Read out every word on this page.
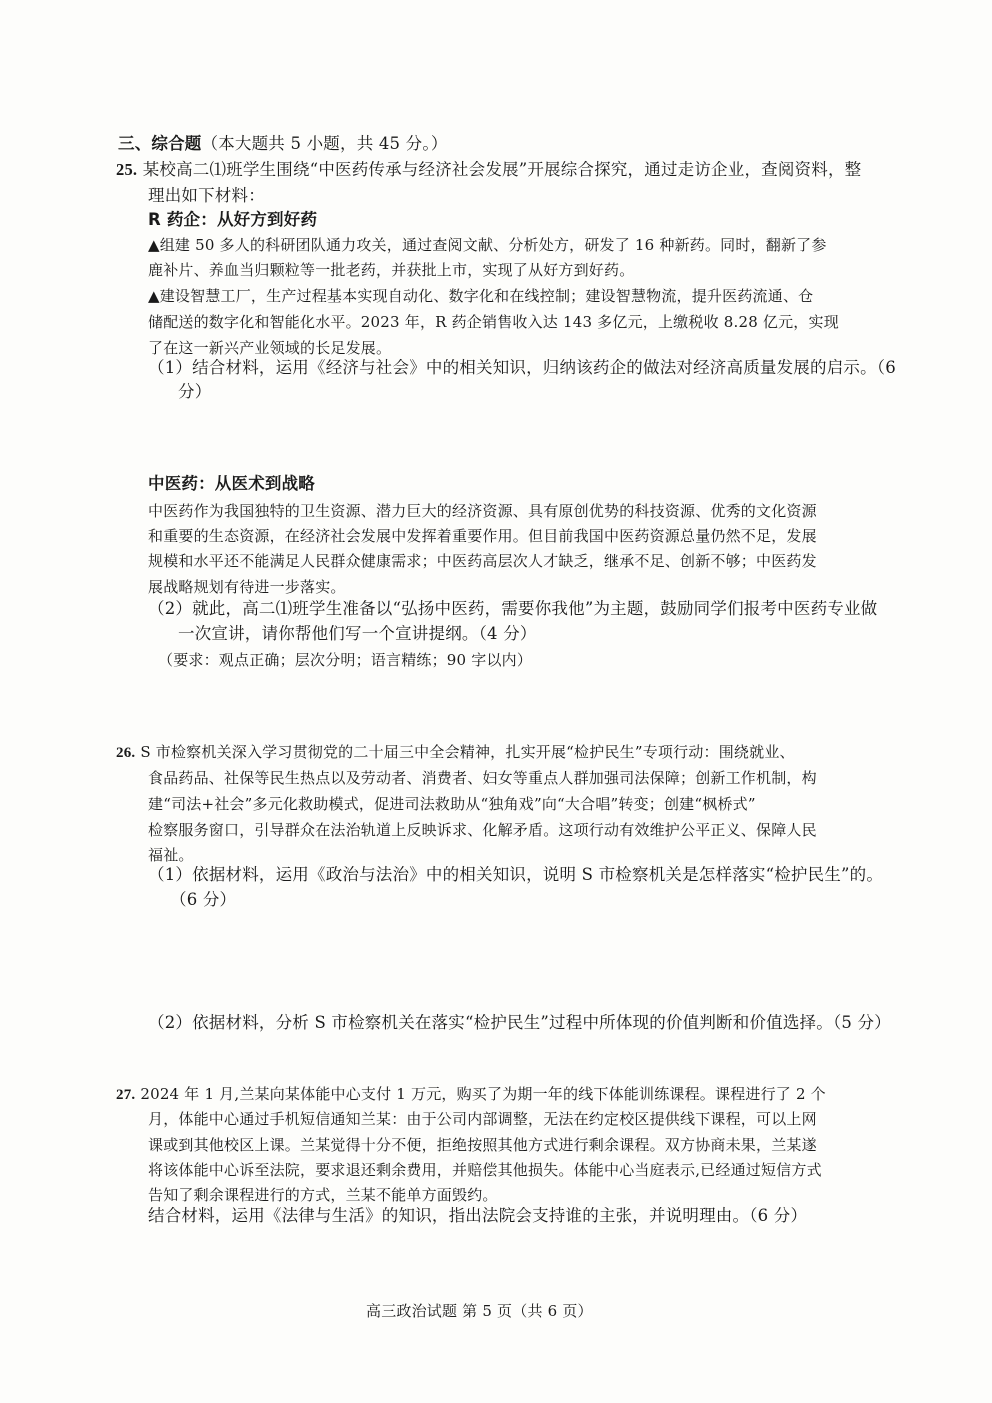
三、综合题（本大题共 5 小题，共 45 分。）
25. 某校高二⑴班学生围绕“中医药传承与经济社会发展”开展综合探究，通过走访企业，查阅资料，整
理出如下材料：
R 药企：从好方到好药
▲组建 50 多人的科研团队通力攻关，通过查阅文献、分析处方，研发了 16 种新药。同时，翻新了参
鹿补片、养血当归颗粒等一批老药，并获批上市，实现了从好方到好药。
▲建设智慧工厂，生产过程基本实现自动化、数字化和在线控制；建设智慧物流，提升医药流通、仓
储配送的数字化和智能化水平。2023 年，R 药企销售收入达 143 多亿元，上缴税收 8.28 亿元，实现
了在这一新兴产业领域的长足发展。
（1）结合材料，运用《经济与社会》中的相关知识，归纳该药企的做法对经济高质量发展的启示。（6
分）
中医药：从医术到战略
中医药作为我国独特的卫生资源、潜力巨大的经济资源、具有原创优势的科技资源、优秀的文化资源
和重要的生态资源，在经济社会发展中发挥着重要作用。但目前我国中医药资源总量仍然不足，发展
规模和水平还不能满足人民群众健康需求；中医药高层次人才缺乏，继承不足、创新不够；中医药发
展战略规划有待进一步落实。
（2）就此，高二⑴班学生准备以“弘扬中医药，需要你我他”为主题，鼓励同学们报考中医药专业做
一次宣讲，请你帮他们写一个宣讲提纲。（4 分）
（要求：观点正确；层次分明；语言精练；90 字以内）
26. S 市检察机关深入学习贯彻党的二十届三中全会精神，扎实开展“检护民生”专项行动：围绕就业、
食品药品、社保等民生热点以及劳动者、消费者、妇女等重点人群加强司法保障；创新工作机制，构
建“司法+社会”多元化救助模式，促进司法救助从“独角戏”向“大合唱”转变；创建“枫桥式”
检察服务窗口，引导群众在法治轨道上反映诉求、化解矛盾。这项行动有效维护公平正义、保障人民
福祉。
（1）依据材料，运用《政治与法治》中的相关知识，说明 S 市检察机关是怎样落实“检护民生”的。
（6 分）
（2）依据材料，分析 S 市检察机关在落实“检护民生”过程中所体现的价值判断和价值选择。（5 分）
27. 2024 年 1 月,兰某向某体能中心支付 1 万元，购买了为期一年的线下体能训练课程。课程进行了 2 个
月，体能中心通过手机短信通知兰某：由于公司内部调整，无法在约定校区提供线下课程，可以上网
课或到其他校区上课。兰某觉得十分不便，拒绝按照其他方式进行剩余课程。双方协商未果，兰某遂
将该体能中心诉至法院，要求退还剩余费用，并赔偿其他损失。体能中心当庭表示,已经通过短信方式
告知了剩余课程进行的方式，兰某不能单方面毁约。
结合材料，运用《法律与生活》的知识，指出法院会支持谁的主张，并说明理由。（6 分）
高三政治试题 第 5 页（共 6 页）
